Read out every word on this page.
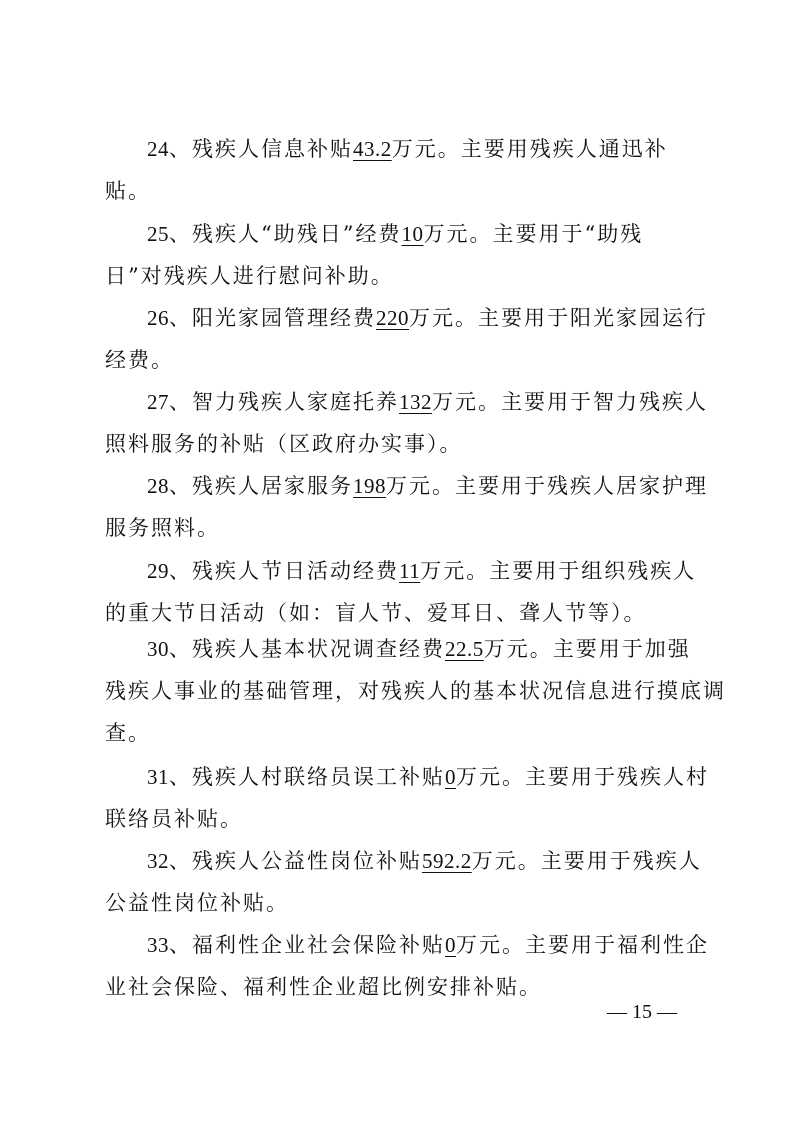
24、残疾人信息补贴43.2万元。主要用残疾人通迅补
贴。
25、残疾人“助残日”经费10万元。主要用于“助残
日”对残疾人进行慰问补助。
26、阳光家园管理经费220万元。主要用于阳光家园运行
经费。
27、智力残疾人家庭托养132万元。主要用于智力残疾人
照料服务的补贴（区政府办实事）。
28、残疾人居家服务198万元。主要用于残疾人居家护理
服务照料。
29、残疾人节日活动经费11万元。主要用于组织残疾人
的重大节日活动（如：盲人节、爱耳日、聋人节等）。
30、残疾人基本状况调查经费22.5万元。主要用于加强
残疾人事业的基础管理，对残疾人的基本状况信息进行摸底调
查。
31、残疾人村联络员误工补贴0万元。主要用于残疾人村
联络员补贴。
32、残疾人公益性岗位补贴592.2万元。主要用于残疾人
公益性岗位补贴。
33、福利性企业社会保险补贴0万元。主要用于福利性企
业社会保险、福利性企业超比例安排补贴。
— 15 —
